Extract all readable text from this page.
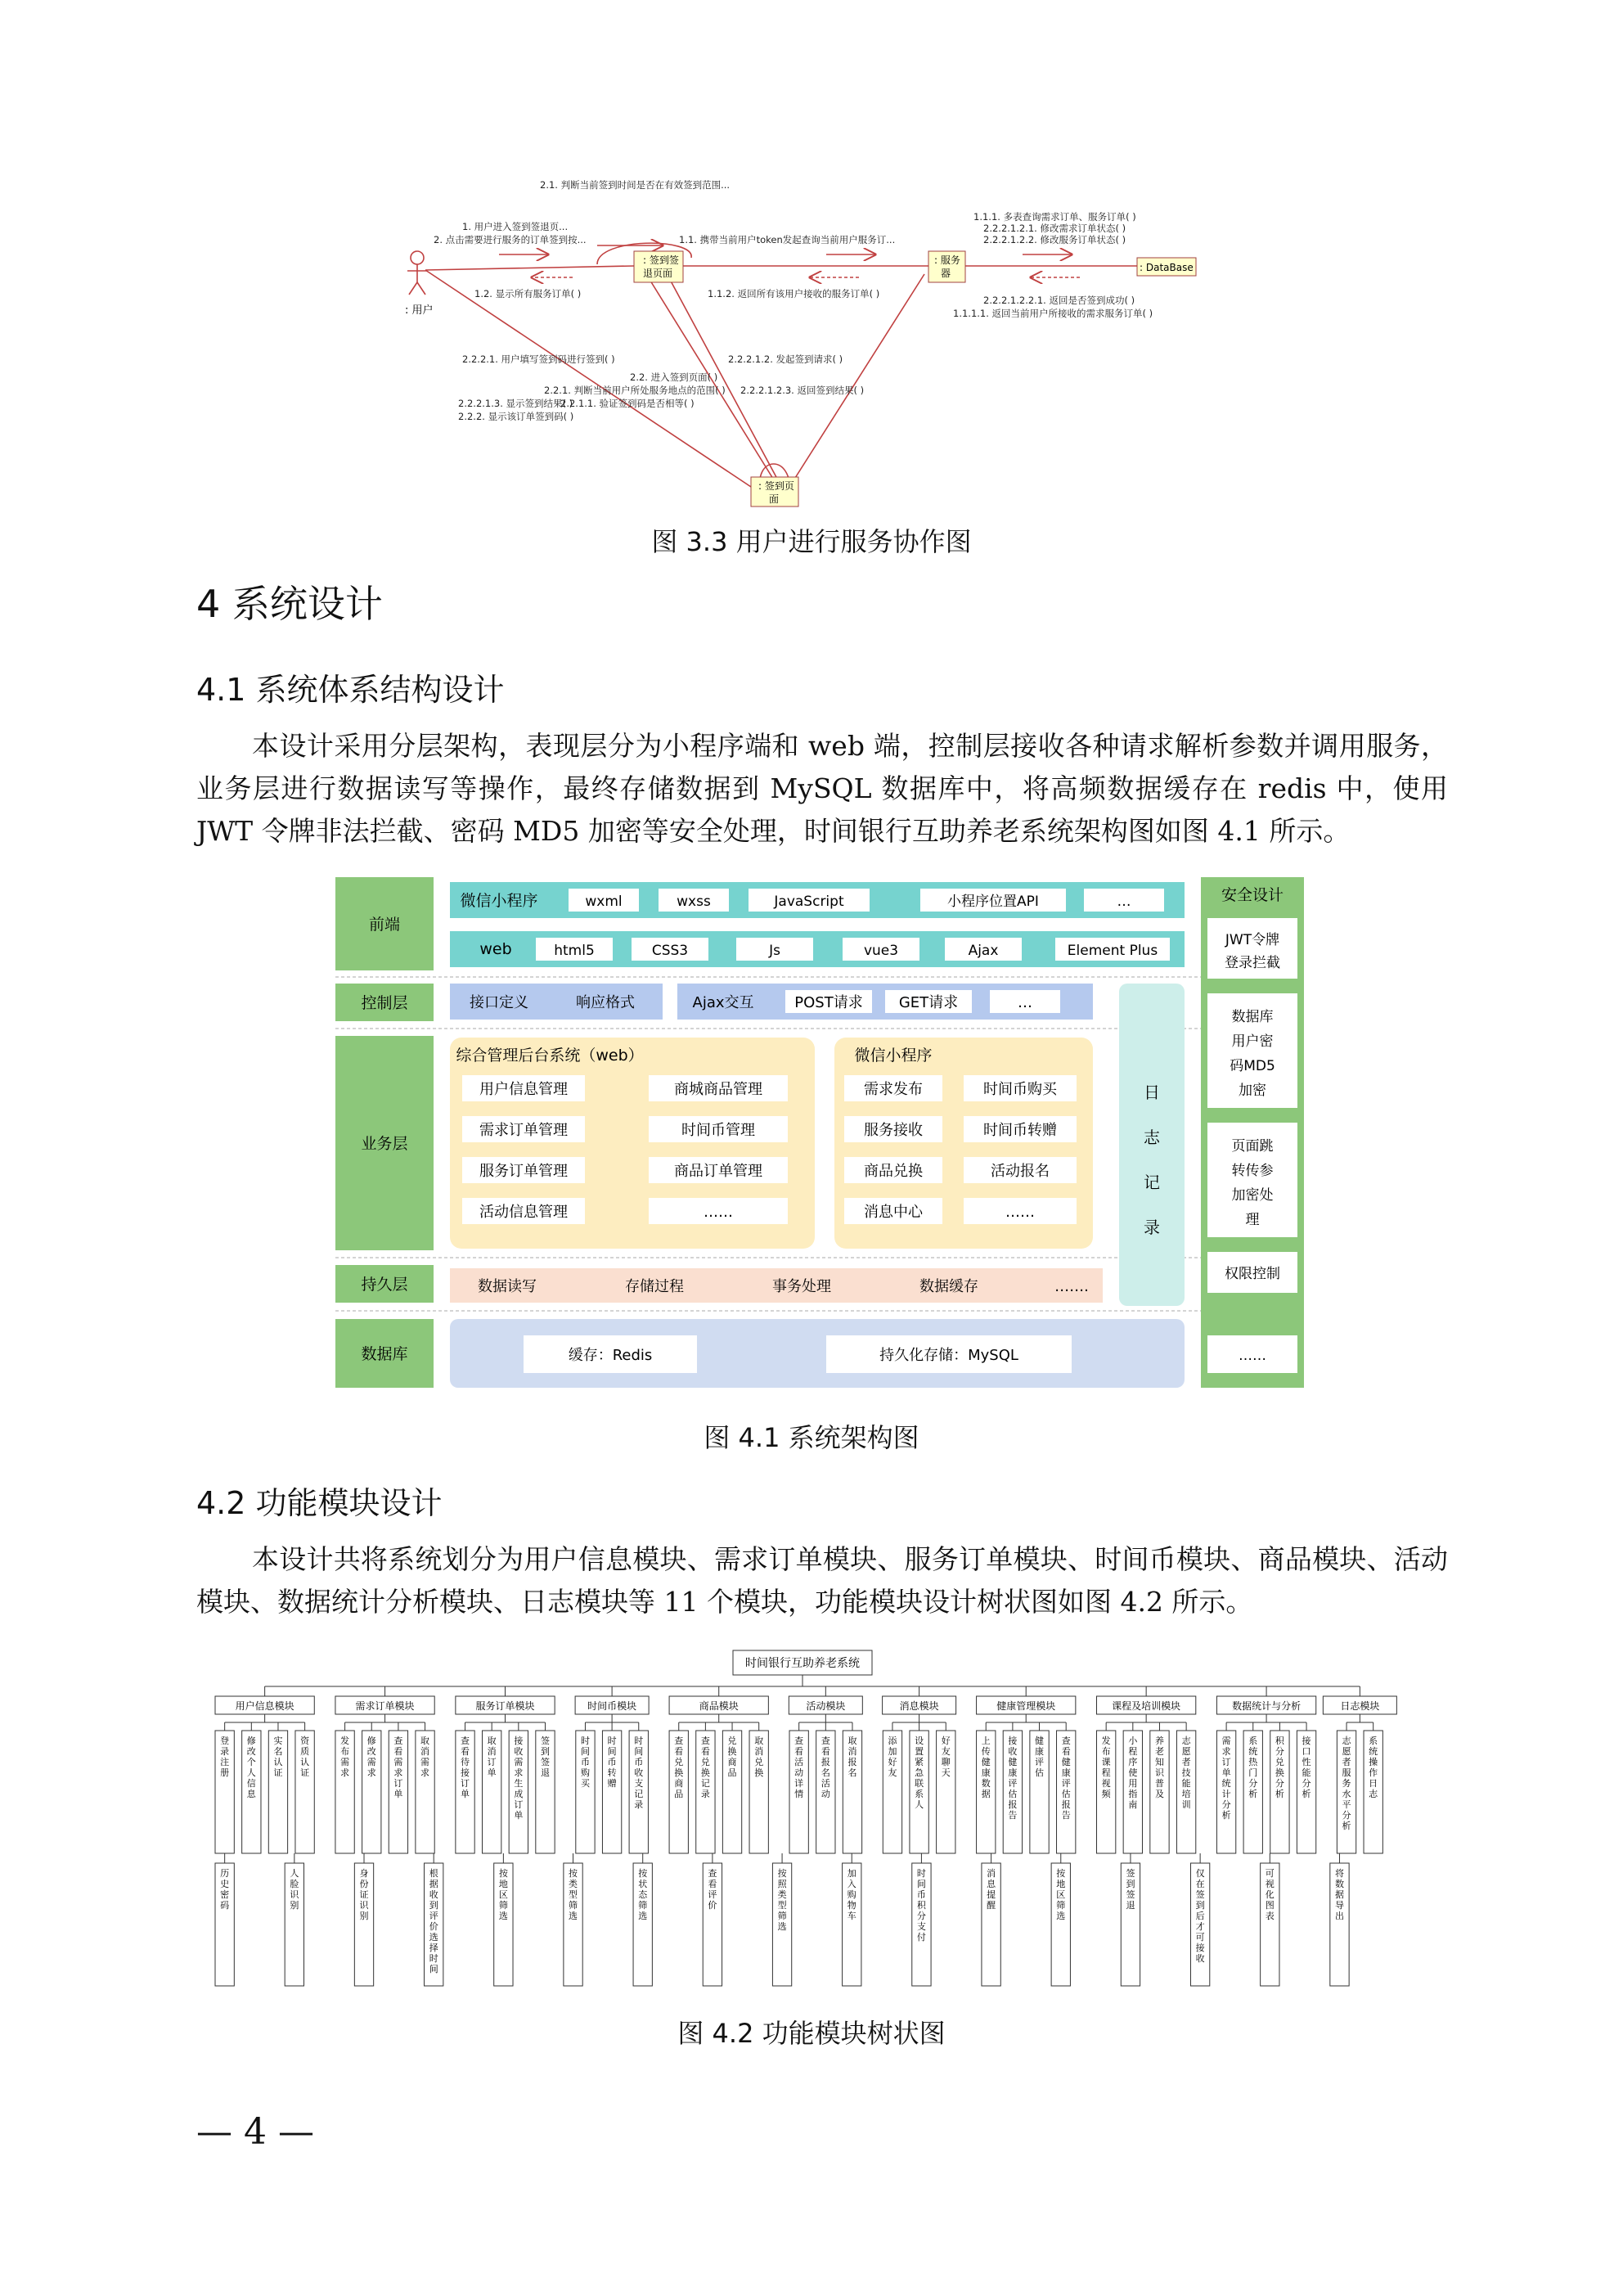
: 用户
: 签到签
退页面
: 服务
器	: DataBase
: 签到页
面
2.1. 判断当前签到时间是否在有效签到范围...
1. 用户进入签到签退页...
2. 点击需要进行服务的订单签到按...	1.1. 携带当前用户token发起查询当前用户服务订...
1.1.1. 多表查询需求订单、服务订单( )
2.2.2.1.2.1. 修改需求订单状态( )
2.2.2.1.2.2. 修改服务订单状态( )
1.2. 显示所有服务订单( )	1.1.2. 返回所有该用户接收的服务订单( )
2.2.2.1.2.2.1. 返回是否签到成功( )
1.1.1.1. 返回当前用户所接收的需求服务订单( )
2.2.2.1. 用户填写签到码进行签到( )	2.2.2.1.2. 发起签到请求( )
2.2. 进入签到页面( )
2.2.1. 判断当前用户所处服务地点的范围( ) 2.2.2.1.2.3. 返回签到结果( )
2.2.2.1.3. 显示签到结果( )
2.2.1.1. 验证签到码是否相等( )
2.2.2. 显示该订单签到码( )
图 3.3 用户进行服务协作图
4 系统设计
4.1 系统体系结构设计
本设计采用分层架构，表现层分为小程序端和 web 端，控制层接收各种请求解析参数并调用服务，业务层进行数据读写等操作，最终存储数据到 MySQL 数据库中，将高频数据缓存在 redis 中，使用 JWT 令牌非法拦截、密码 MD5 加密等安全处理，时间银行互助养老系统架构图如图 4.1 所示。
前端
控制层
业务层
持久层
数据库
微信小程序	wxml	wxss	JavaScript	小程序位置API	…
web	html5	CSS3	Js	vue3	Ajax	Element Plus
接口定义	响应格式	Ajax交互	POST请求 GET请求	…
综合管理后台系统（web）
用户信息管理	商城商品管理
需求订单管理	时间币管理
服务订单管理	商品订单管理
活动信息管理	……
微信小程序
需求发布	时间币购买
服务接收	时间币转赠
商品兑换	活动报名
消息中心	……
日
志
记
录
数据读写	存储过程	事务处理	数据缓存	…….
缓存：Redis	持久化存储：MySQL
安全设计
JWT令牌
登录拦截
数据库
用户密
码MD5
加密
页面跳
转传参
加密处
理
权限控制
……
图 4.1 系统架构图
4.2 功能模块设计
本设计共将系统划分为用户信息模块、需求订单模块、服务订单模块、时间币模块、商品模块、活动模块、数据统计分析模块、日志模块等 11 个模块，功能模块设计树状图如图 4.2 所示。
时间银行互助养老系统
用户信息模块
登录注册
修改个人信息
实名认证
资质认证
需求订单模块
发布需求
修改需求
查看需求订单
取消需求
服务订单模块
查看待接订单
取消订单
接收需求生成订单
签到签退
时间币模块
时间币购买
时间币转赠
时间币收支记录
商品模块
查看兑换商品
查看兑换记录
兑换商品
取消兑换
活动模块
查看活动详情
查看报名活动
取消报名
消息模块
添加好友
设置紧急联系人
好友聊天
健康管理模块
上传健康数据
接收健康评估报告
健康评估
查看健康评估报告
课程及培训模块
发布课程视频
小程序使用指南
养老知识普及
志愿者技能培训
数据统计与分析
需求订单统计分析
系统热门分析
积分兑换分析
接口性能分析
日志模块
志愿者服务水平分析
系统操作日志
历史密码
人脸识别
身份证识别
根据收到评价选择时间
按地区筛选
按类型筛选
按状态筛选
查看评价
按照类型筛选
加入购物车
时间币积分支付
消息提醒
按地区筛选
签到签退
仅在签到后才可接收
可视化图表
将数据导出
图 4.2 功能模块树状图
— 4 —
